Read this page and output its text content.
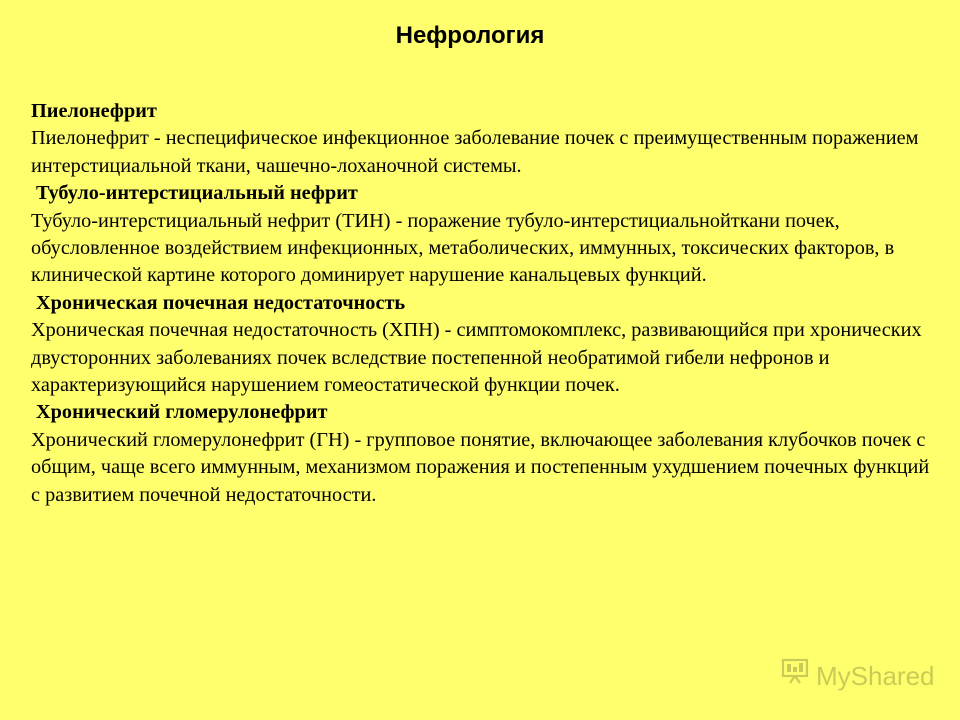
Нефрология
Пиелонефрит
Пиелонефрит - неспецифическое инфекционное заболевание почек с преимущественным поражением интерстициальной ткани, чашечно-лоханочной системы.
Тубуло-интерстициальный нефрит
Тубуло-интерстициальный нефрит (ТИН) - поражение тубуло-интерстициальнойткани почек, обусловленное воздействием инфекционных, метаболических, иммунных, токсических факторов, в клинической картине которого доминирует нарушение канальцевых функций.
Хроническая почечная недостаточность
Хроническая почечная недостаточность (ХПН) - симптомокомплекс, развивающийся при хронических двусторонних заболеваниях почек вследствие постепенной необратимой гибели нефронов и характеризующийся нарушением гомеостатической функции почек.
Хронический гломерулонефрит
Хронический гломерулонефрит (ГН) - групповое понятие, включающее заболевания клубочков почек с общим, чаще всего иммунным, механизмом поражения и постепенным ухудшением почечных функций с развитием почечной недостаточности.
MyShared
